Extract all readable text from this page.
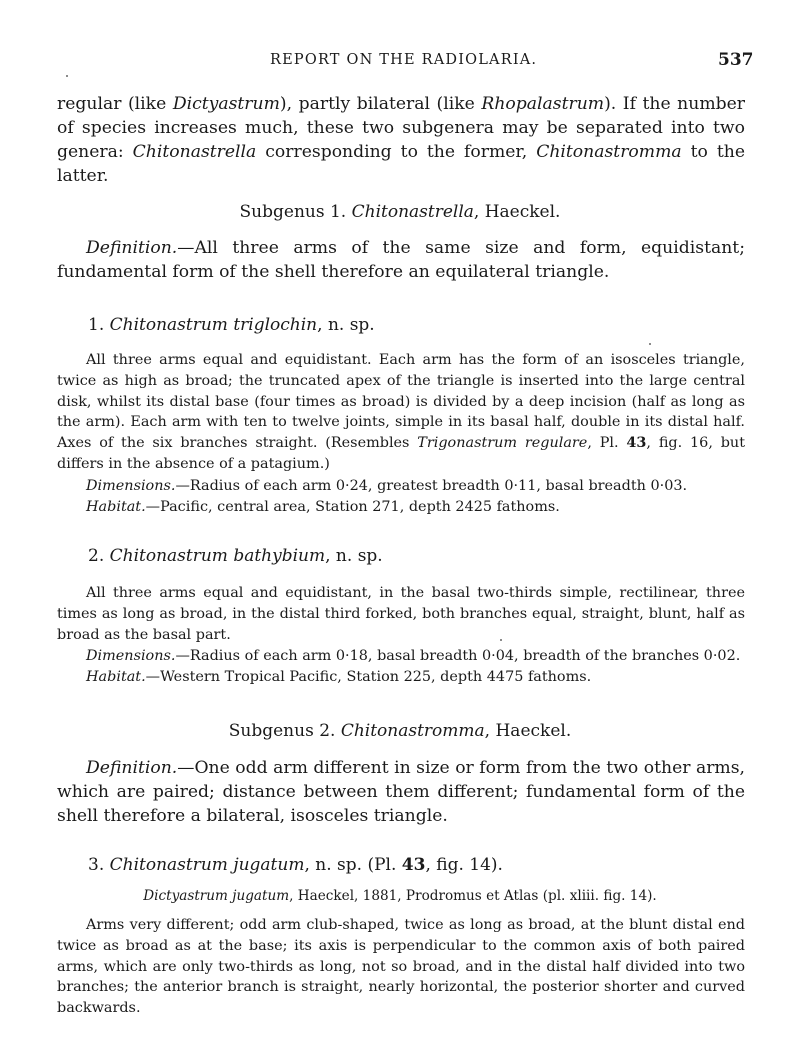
REPORT ON THE RADIOLARIA.	537
regular (like Dictyastrum), partly bilateral (like Rhopalastrum). If the number of species increases much, these two subgenera may be separated into two genera: Chitonastrella corresponding to the former, Chitonastromma to the latter.
Subgenus 1. Chitonastrella, Haeckel.
Definition.—All three arms of the same size and form, equidistant; fundamental form of the shell therefore an equilateral triangle.
1. Chitonastrum triglochin, n. sp.
All three arms equal and equidistant. Each arm has the form of an isosceles triangle, twice as high as broad; the truncated apex of the triangle is inserted into the large central disk, whilst its distal base (four times as broad) is divided by a deep incision (half as long as the arm). Each arm with ten to twelve joints, simple in its basal half, double in its distal half. Axes of the six branches straight. (Resembles Trigonastrum regulare, Pl. 43, fig. 16, but differs in the absence of a patagium.)
Dimensions.—Radius of each arm 0·24, greatest breadth 0·11, basal breadth 0·03.
Habitat.—Pacific, central area, Station 271, depth 2425 fathoms.
2. Chitonastrum bathybium, n. sp.
All three arms equal and equidistant, in the basal two-thirds simple, rectilinear, three times as long as broad, in the distal third forked, both branches equal, straight, blunt, half as broad as the basal part.
Dimensions.—Radius of each arm 0·18, basal breadth 0·04, breadth of the branches 0·02.
Habitat.—Western Tropical Pacific, Station 225, depth 4475 fathoms.
Subgenus 2. Chitonastromma, Haeckel.
Definition.—One odd arm different in size or form from the two other arms, which are paired; distance between them different; fundamental form of the shell therefore a bilateral, isosceles triangle.
3. Chitonastrum jugatum, n. sp. (Pl. 43, fig. 14).
Dictyastrum jugatum, Haeckel, 1881, Prodromus et Atlas (pl. xliii. fig. 14).
Arms very different; odd arm club-shaped, twice as long as broad, at the blunt distal end twice as broad as at the base; its axis is perpendicular to the common axis of both paired arms, which are only two-thirds as long, not so broad, and in the distal half divided into two branches; the anterior branch is straight, nearly horizontal, the posterior shorter and curved backwards.
